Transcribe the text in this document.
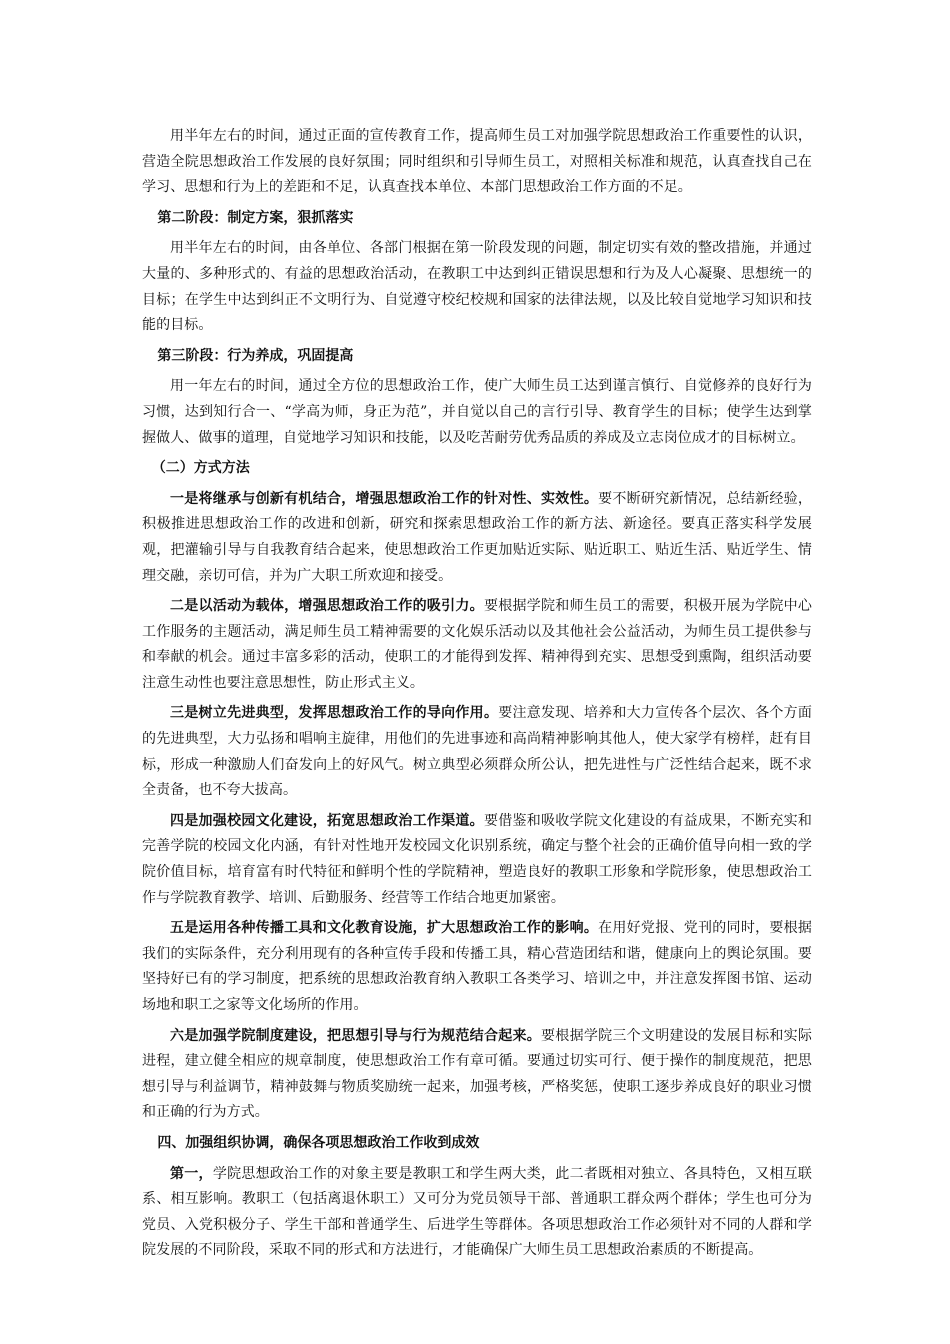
用半年左右的时间，通过正面的宣传教育工作，提高师生员工对加强学院思想政治工作重要性的认识，营造全院思想政治工作发展的良好氛围；同时组织和引导师生员工，对照相关标准和规范，认真查找自己在学习、思想和行为上的差距和不足，认真查找本单位、本部门思想政治工作方面的不足。

第二阶段：制定方案，狠抓落实

用半年左右的时间，由各单位、各部门根据在第一阶段发现的问题，制定切实有效的整改措施，并通过大量的、多种形式的、有益的思想政治活动，在教职工中达到纠正错误思想和行为及人心凝聚、思想统一的目标；在学生中达到纠正不文明行为、自觉遵守校纪校规和国家的法律法规，以及比较自觉地学习知识和技能的目标。

第三阶段：行为养成，巩固提高

用一年左右的时间，通过全方位的思想政治工作，使广大师生员工达到谨言慎行、自觉修养的良好行为习惯，达到知行合一、“学高为师，身正为范”，并自觉以自己的言行引导、教育学生的目标；使学生达到掌握做人、做事的道理，自觉地学习知识和技能，以及吃苦耐劳优秀品质的养成及立志岗位成才的目标树立。

（二）方式方法

一是将继承与创新有机结合，增强思想政治工作的针对性、实效性。要不断研究新情况，总结新经验，积极推进思想政治工作的改进和创新，研究和探索思想政治工作的新方法、新途径。要真正落实科学发展观，把灌输引导与自我教育结合起来，使思想政治工作更加贴近实际、贴近职工、贴近生活、贴近学生、情理交融，亲切可信，并为广大职工所欢迎和接受。

二是以活动为载体，增强思想政治工作的吸引力。要根据学院和师生员工的需要，积极开展为学院中心工作服务的主题活动，满足师生员工精神需要的文化娱乐活动以及其他社会公益活动，为师生员工提供参与和奉献的机会。通过丰富多彩的活动，使职工的才能得到发挥、精神得到充实、思想受到熏陶，组织活动要注意生动性也要注意思想性，防止形式主义。

三是树立先进典型，发挥思想政治工作的导向作用。要注意发现、培养和大力宣传各个层次、各个方面的先进典型，大力弘扬和唱响主旋律，用他们的先进事迹和高尚精神影响其他人，使大家学有榜样，赶有目标，形成一种激励人们奋发向上的好风气。树立典型必须群众所公认，把先进性与广泛性结合起来，既不求全责备，也不夸大拔高。

四是加强校园文化建设，拓宽思想政治工作渠道。要借鉴和吸收学院文化建设的有益成果，不断充实和完善学院的校园文化内涵，有针对性地开发校园文化识别系统，确定与整个社会的正确价值导向相一致的学院价值目标，培育富有时代特征和鲜明个性的学院精神，塑造良好的教职工形象和学院形象，使思想政治工作与学院教育教学、培训、后勤服务、经营等工作结合地更加紧密。

五是运用各种传播工具和文化教育设施，扩大思想政治工作的影响。在用好党报、党刊的同时，要根据我们的实际条件，充分利用现有的各种宣传手段和传播工具，精心营造团结和谐，健康向上的舆论氛围。要坚持好已有的学习制度，把系统的思想政治教育纳入教职工各类学习、培训之中，并注意发挥图书馆、运动场地和职工之家等文化场所的作用。

六是加强学院制度建设，把思想引导与行为规范结合起来。要根据学院三个文明建设的发展目标和实际进程，建立健全相应的规章制度，使思想政治工作有章可循。要通过切实可行、便于操作的制度规范，把思想引导与利益调节，精神鼓舞与物质奖励统一起来，加强考核，严格奖惩，使职工逐步养成良好的职业习惯和正确的行为方式。

四、加强组织协调，确保各项思想政治工作收到成效

第一，学院思想政治工作的对象主要是教职工和学生两大类，此二者既相对独立、各具特色，又相互联系、相互影响。教职工（包括离退休职工）又可分为党员领导干部、普通职工群众两个群体；学生也可分为党员、入党积极分子、学生干部和普通学生、后进学生等群体。各项思想政治工作必须针对不同的人群和学院发展的不同阶段，采取不同的形式和方法进行，才能确保广大师生员工思想政治素质的不断提高。
